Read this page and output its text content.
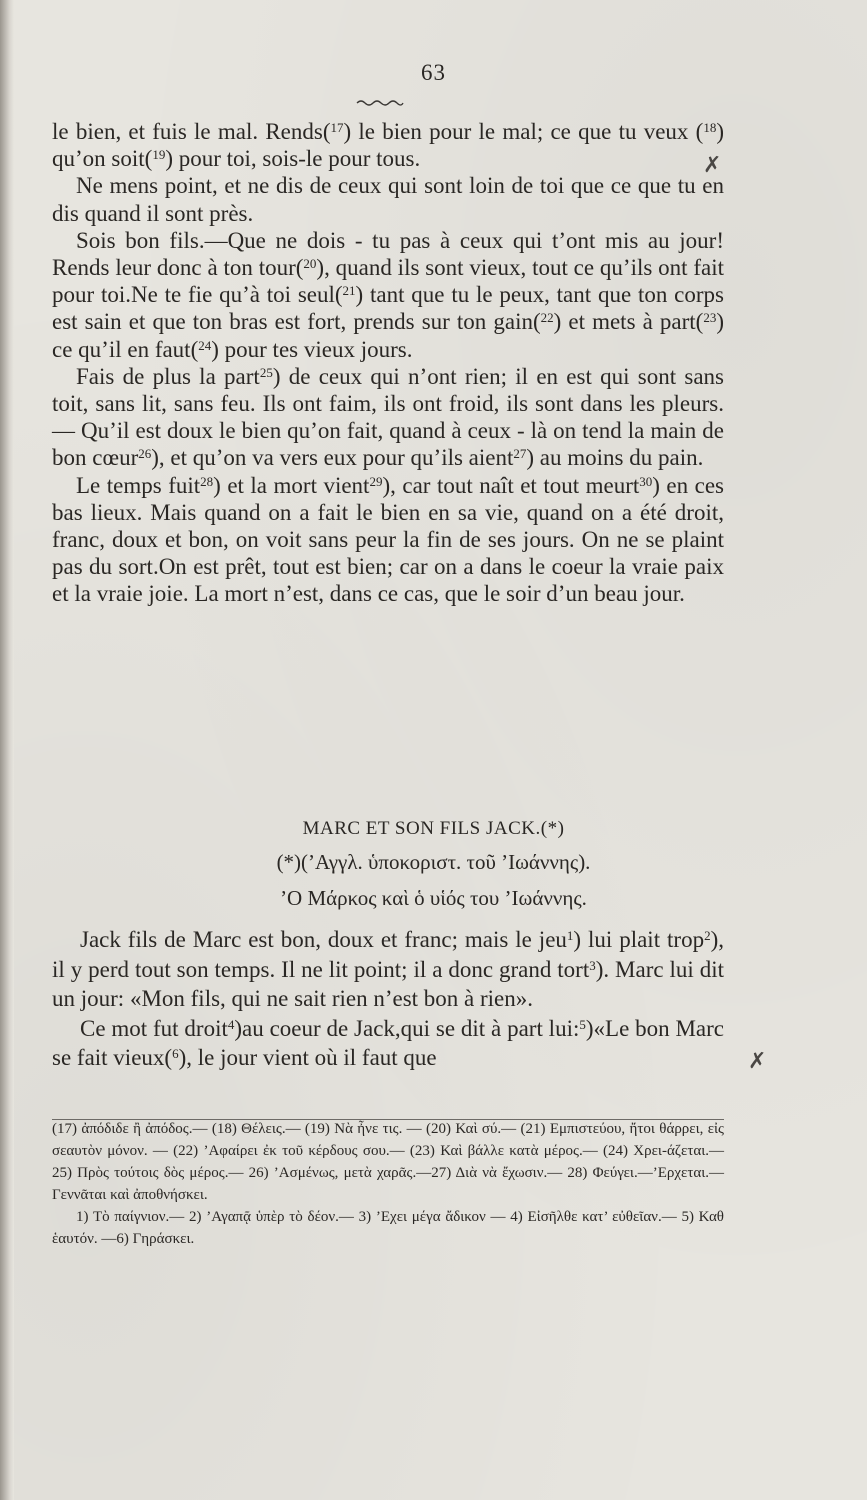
63

le bien, et fuis le mal. Rends($^{17}$) le bien pour le mal; ce que tu veux ($^{18}$) qu’on soit($^{19}$) pour toi, sois-le pour tous.

Ne mens point, et ne dis de ceux qui sont loin de toi que ce que tu en dis quand il sont près.

Sois bon fils.—Que ne dois - tu pas à ceux qui t’ont mis au jour! Rends leur donc à ton tour($^{20}$), quand ils sont vieux, tout ce qu’ils ont fait pour toi.Ne te fie qu’à toi seul($^{21}$) tant que tu le peux, tant que ton corps est sain et que ton bras est fort, prends sur ton gain($^{22}$) et mets à part($^{23}$) ce qu’il en faut($^{24}$) pour tes vieux jours.

Fais de plus la part$^{25}$) de ceux qui n’ont rien; il en est qui sont sans toit, sans lit, sans feu. Ils ont faim, ils ont froid, ils sont dans les pleurs.— Qu’il est doux le bien qu’on fait, quand à ceux - là on tend la main de bon cœur$^{26}$), et qu’on va vers eux pour qu’ils aient$^{27}$) au moins du pain.

Le temps fuit$^{28}$) et la mort vient$^{29}$), car tout naît et tout meurt$^{30}$) en ces bas lieux. Mais quand on a fait le bien en sa vie, quand on a été droit, franc, doux et bon, on voit sans peur la fin de ses jours. On ne se plaint pas du sort.On est prêt, tout est bien; car on a dans le coeur la vraie paix et la vraie joie. La mort n’est, dans ce cas, que le soir d’un beau jour.

MARC ET SON FILS JACK.(*)
(*)(’Αγγλ. ὑποκοριστ. τοῦ ’Ιωάννης).
’Ο Μάρκος καὶ ὁ υἱός του ’Ιωάννης.

Jack fils de Marc est bon, doux et franc; mais le jeu$^1$) lui plait trop$^2$), il y perd tout son temps. Il ne lit point; il a donc grand tort$^3$). Marc lui dit un jour: «Mon fils, qui ne sait rien n’est bon à rien».

Ce mot fut droit$^4$)au coeur de Jack,qui se dit à part lui:$^5$)«Le bon Marc se fait vieux($^6$), le jour vient où il faut que

(17) ἀπόδιδε ἢ ἀπόδος.— (18) Θέλεις.— (19) Νὰ ἦνε τις. — (20) Καὶ σύ.— (21) Εμπιστεύου, ἤτοι θάρρει, εἰς σεαυτὸν μόνον. — (22) ’Αφαίρει ἐκ τοῦ κέρδους σου.— (23) Καὶ βάλλε κατὰ μέρος.— (24) Χρει-άζεται.— 25) Πρὸς τούτοις δὸς μέρος.— 26) ’Ασμένως, μετὰ χαρᾶς.—27) Διὰ νὰ ἔχωσιν.— 28) Φεύγει.—’Ερχεται.— Γεννᾶται καὶ ἀποθνήσκει.

1) Τὸ παίγνιον.— 2) ’Αγαπᾷ ὑπὲρ τὸ δέον.— 3) ’Εχει μέγα ἄδικον — 4) Εἰσῆλθε κατ’ εὐθεῖαν.— 5) Καθ ἑαυτόν. —6) Γηράσκει.

✗
✗
